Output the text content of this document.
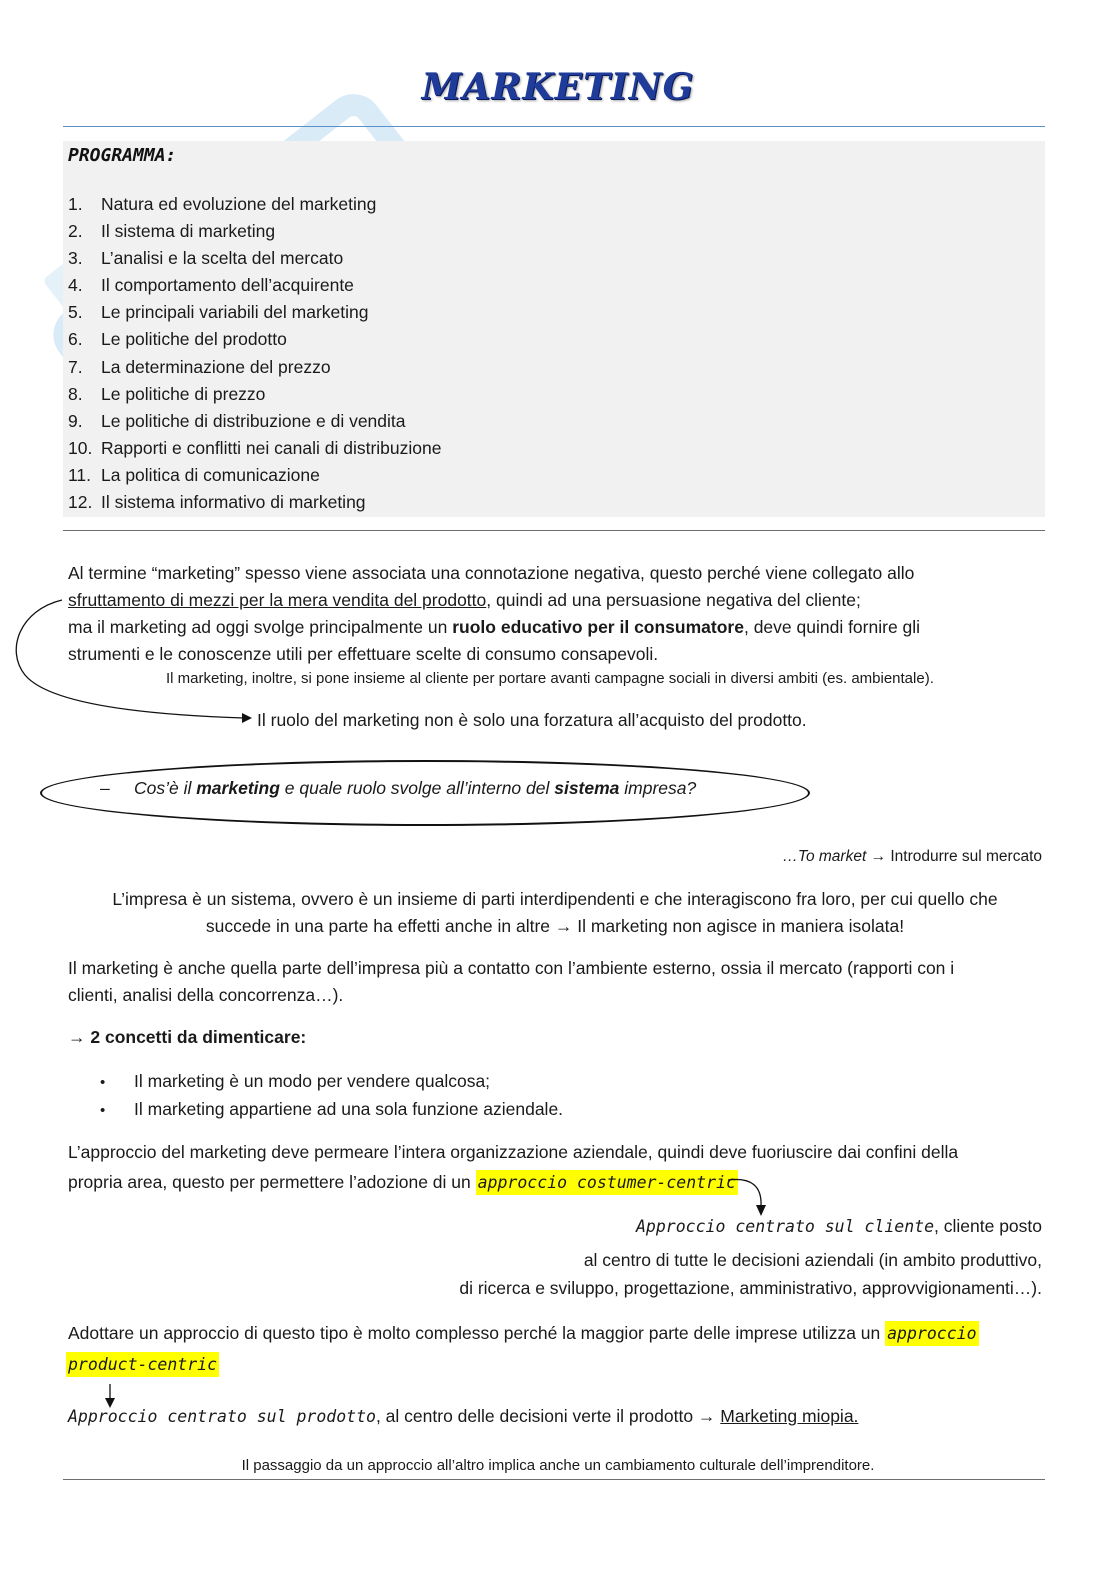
MARKETING
PROGRAMMA:
1. Natura ed evoluzione del marketing
2. Il sistema di marketing
3. L’analisi e la scelta del mercato
4. Il comportamento dell’acquirente
5. Le principali variabili del marketing
6. Le politiche del prodotto
7. La determinazione del prezzo
8. Le politiche di prezzo
9. Le politiche di distribuzione e di vendita
10. Rapporti e conflitti nei canali di distribuzione
11. La politica di comunicazione
12. Il sistema informativo di marketing
Al termine “marketing” spesso viene associata una connotazione negativa, questo perché viene collegato allo
sfruttamento di mezzi per la mera vendita del prodotto, quindi ad una persuasione negativa del cliente;
ma il marketing ad oggi svolge principalmente un ruolo educativo per il consumatore, deve quindi fornire gli
strumenti e le conoscenze utili per effettuare scelte di consumo consapevoli.
Il marketing, inoltre, si pone insieme al cliente per portare avanti campagne sociali in diversi ambiti (es. ambientale).
Il ruolo del marketing non è solo una forzatura all’acquisto del prodotto.
– Cos’è il marketing e quale ruolo svolge all’interno del sistema impresa?
…To market → Introdurre sul mercato
L’impresa è un sistema, ovvero è un insieme di parti interdipendenti e che interagiscono fra loro, per cui quello che
succede in una parte ha effetti anche in altre → Il marketing non agisce in maniera isolata!
Il marketing è anche quella parte dell’impresa più a contatto con l’ambiente esterno, ossia il mercato (rapporti con i
clienti, analisi della concorrenza…).
→ 2 concetti da dimenticare:
• Il marketing è un modo per vendere qualcosa;
• Il marketing appartiene ad una sola funzione aziendale.
L’approccio del marketing deve permeare l’intera organizzazione aziendale, quindi deve fuoriuscire dai confini della
propria area, questo per permettere l’adozione di un approccio costumer-centric
Approccio centrato sul cliente, cliente posto
al centro di tutte le decisioni aziendali (in ambito produttivo,
di ricerca e sviluppo, progettazione, amministrativo, approvvigionamenti…).
Adottare un approccio di questo tipo è molto complesso perché la maggior parte delle imprese utilizza un approccio
product-centric
Approccio centrato sul prodotto, al centro delle decisioni verte il prodotto → Marketing miopia.
Il passaggio da un approccio all’altro implica anche un cambiamento culturale dell’imprenditore.
